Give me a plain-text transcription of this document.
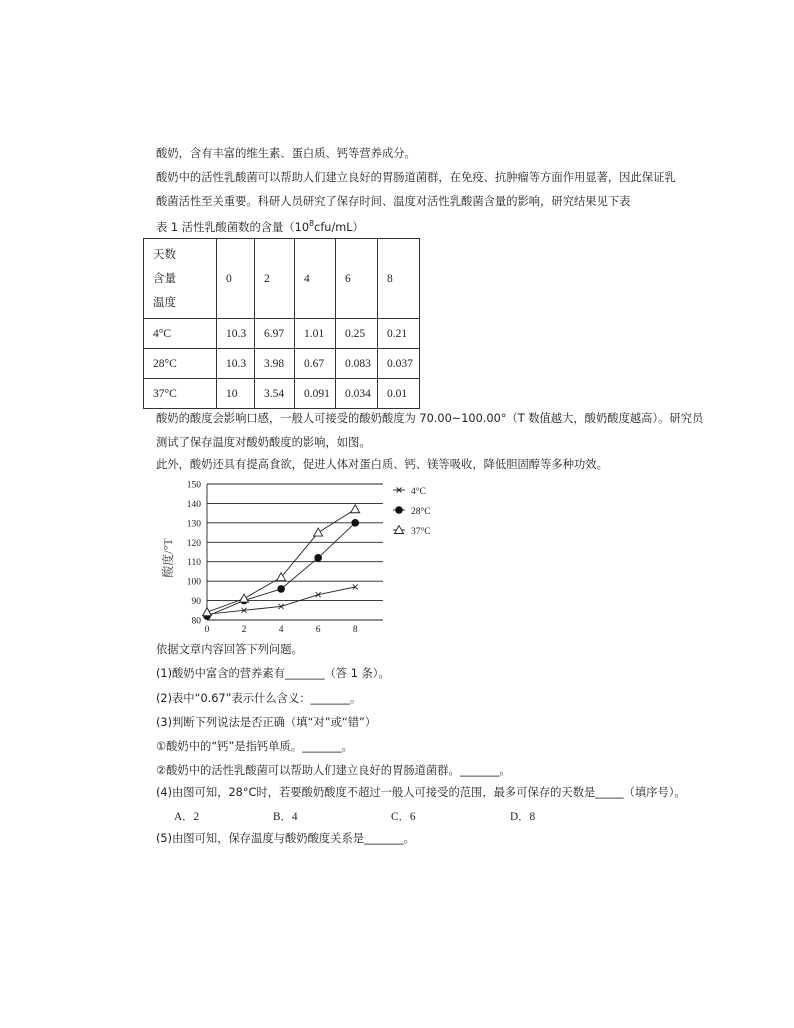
酸奶，含有丰富的维生素、蛋白质、钙等营养成分。
酸奶中的活性乳酸菌可以帮助人们建立良好的胃肠道菌群，在免疫、抗肿瘤等方面作用显著，因此保证乳
酸菌活性至关重要。科研人员研究了保存时间、温度对活性乳酸菌含量的影响，研究结果见下表
表 1 活性乳酸菌数的含量$(10^8cfu/mL)$
天数
含量
温度	0	2	4	6	8
4°C	10.3	6.97	1.01	0.25	0.21
28°C	10.3	3.98	0.67	0.083	0.037
37°C	10	3.54	0.091	0.034	0.01
酸奶的酸度会影响口感，一般人可接受的酸奶酸度为 70.00~100.00°（T 数值越大，酸奶酸度越高）。研究员
测试了保存温度对酸奶酸度的影响，如图。
此外，酸奶还具有提高食欲，促进人体对蛋白质、钙、镁等吸收，降低胆固醇等多种功效。
80
90
100
110
120
130
140
150
0	2	4	6	8
酸度/°T
4°C
28°C
37°C
依据文章内容回答下列问题。
(1)酸奶中富含的营养素有_______（答 1 条）。
(2)表中“0.67”表示什么含义：_______。
(3)判断下列说法是否正确（填“对”或“错”）
①酸奶中的“钙”是指钙单质。_______。
②酸奶中的活性乳酸菌可以帮助人们建立良好的胃肠道菌群。_______。
(4)由图可知，28°C时，若要酸奶酸度不超过一般人可接受的范围，最多可保存的天数是_____（填序号）。
A．2	B．4	C．6	D．8
(5)由图可知，保存温度与酸奶酸度关系是_______。
